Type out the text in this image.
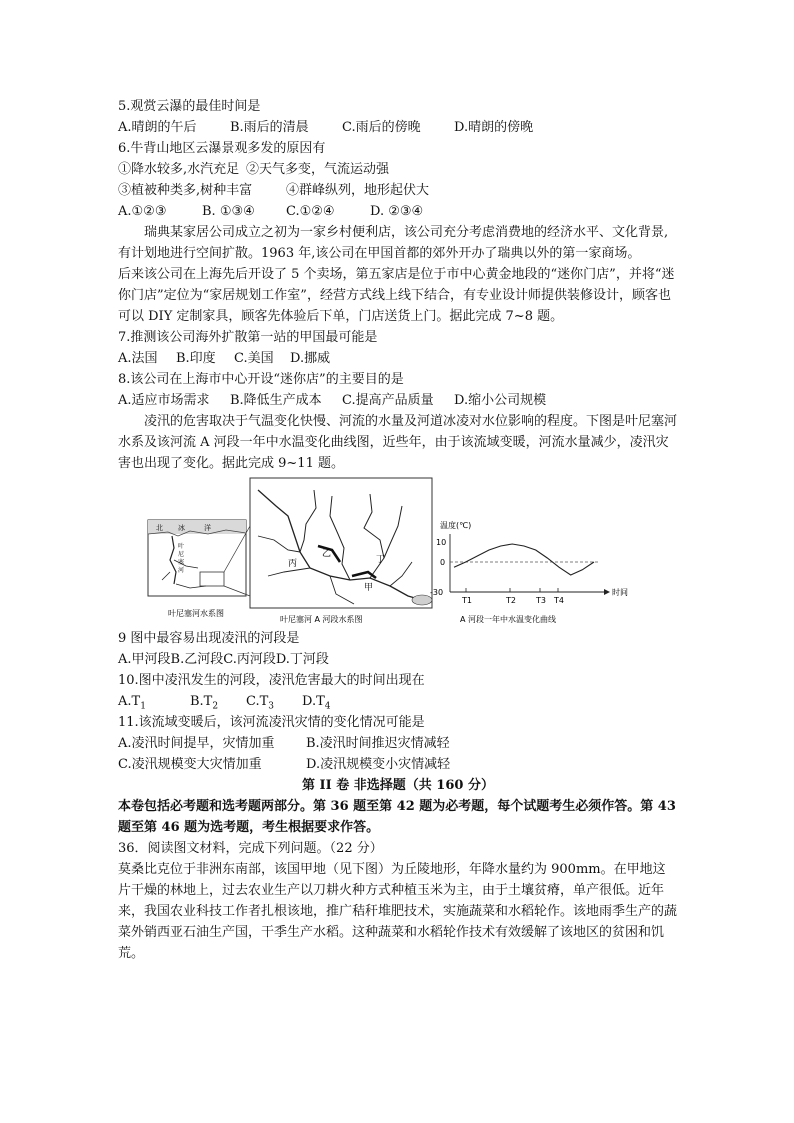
5.观赏云瀑的最佳时间是

A.晴朗的午后	B.雨后的清晨	C.雨后的傍晚	D.晴朗的傍晚

6.牛背山地区云瀑景观多发的原因有

①降水较多,水汽充足 ②天气多变，气流运动强

③植被种类多,树种丰富	④群峰纵列，地形起伏大

A.①②③	B. ①③④ C.①②④	D. ②③④

瑞典某家居公司成立之初为一家乡村便利店，该公司充分考虑消费地的经济水平、文化背景,有计划地进行空间扩散。1963 年,该公司在甲国首都的郊外开办了瑞典以外的第一家商场。

后来该公司在上海先后开设了 5 个卖场，第五家店是位于市中心黄金地段的“迷你门店”，并将“迷你门店”定位为“家居规划工作室”，经营方式线上线下结合，有专业设计师提供装修设计，顾客也可以 DIY 定制家具，顾客先体验后下单，门店送货上门。据此完成 7~8 题。

7.推测该公司海外扩散第一站的甲国最可能是

A.法国 B.印度 C.美国 D.挪威

8.该公司在上海市中心开设“迷你店”的主要目的是

A.适应市场需求 B.降低生产成本 C.提高产品质量 D.缩小公司规模

凌汛的危害取决于气温变化快慢、河流的水量及河道冰凌对水位影响的程度。下图是叶尼塞河水系及该河流 A 河段一年中水温变化曲线图，近些年，由于该流域变暖，河流水量减少，凌汛灾害也出现了变化。据此完成 9~11 题。

北 冰	洋
叶
尼
塞
河
叶尼塞河水系图
丙
乙
丁
甲
叶尼塞河 A 河段水系图
温度(℃)
时间
10
0
-30
T1	T2	T3 T4
A 河段一年中水温变化曲线

9 图中最容易出现凌汛的河段是

A.甲河段B.乙河段C.丙河段D.丁河段

10.图中凌汛发生的河段，凌汛危害最大的时间出现在

$A.T_1$	$B.T_2$ $C.T_3$ $D.T_4$

11.该流域变暖后，该河流凌汛灾情的变化情况可能是

A.凌汛时间提早，灾情加重 B.凌汛时间推迟灾情减轻

C.凌汛规模变大灾情加重	D.凌汛规模变小灾情减轻

第 II 卷 非选择题（共 160 分）

本卷包括必考题和选考题两部分。第 36 题至第 42 题为必考题，每个试题考生必须作答。第 43 题至第 46 题为选考题，考生根据要求作答。

36．阅读图文材料，完成下列问题。（22 分）

莫桑比克位于非洲东南部，该国甲地（见下图）为丘陵地形，年降水量约为 900mm。在甲地这片干燥的林地上，过去农业生产以刀耕火种方式种植玉米为主，由于土壤贫瘠，单产很低。近年来，我国农业科技工作者扎根该地，推广秸秆堆肥技术，实施蔬菜和水稻轮作。该地雨季生产的蔬菜外销西亚石油生产国，干季生产水稻。这种蔬菜和水稻轮作技术有效缓解了该地区的贫困和饥荒。
